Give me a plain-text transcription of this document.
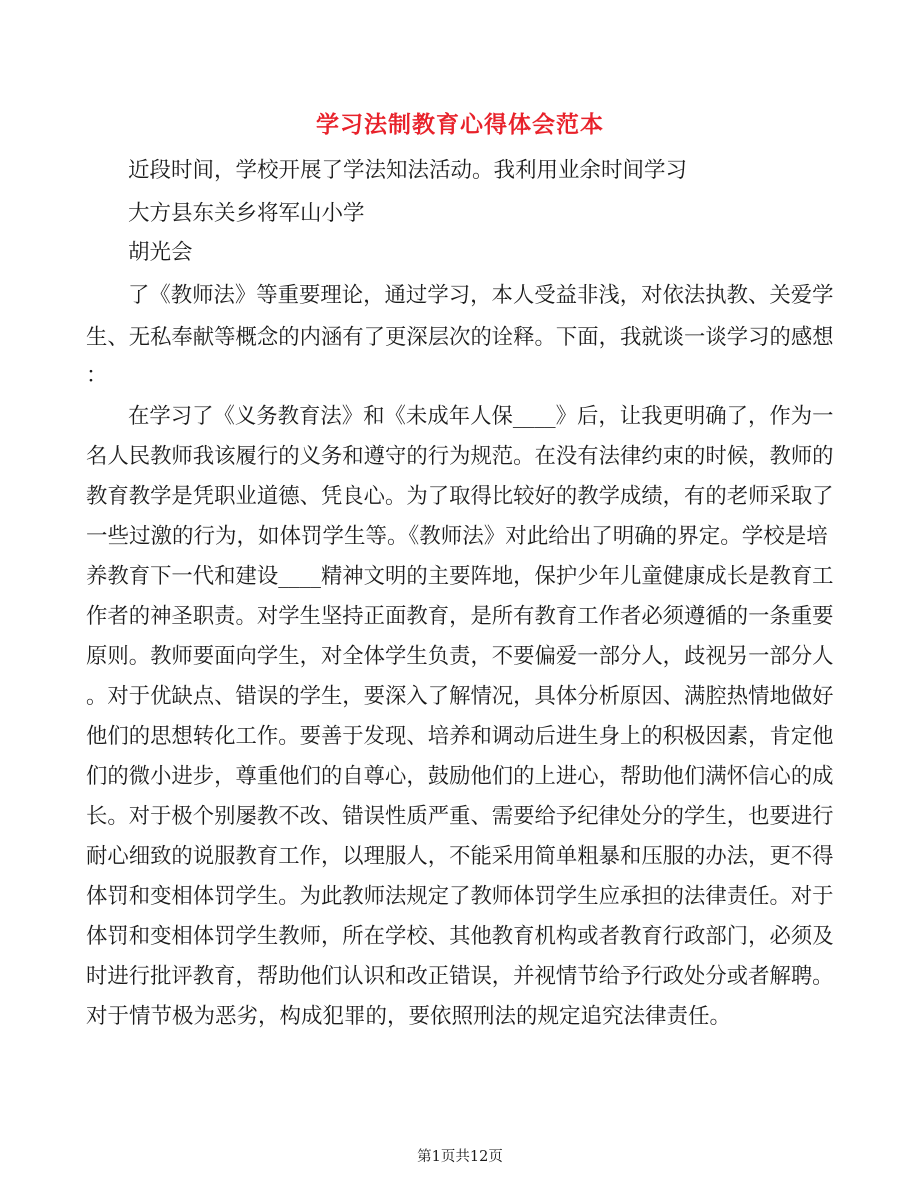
学习法制教育心得体会范本
近段时间，学校开展了学法知法活动。我利用业余时间学习
大方县东关乡将军山小学
胡光会
了《教师法》等重要理论，通过学习，本人受益非浅，对依法执教、关爱学
生、无私奉献等概念的内涵有了更深层次的诠释。下面，我就谈一谈学习的感想
：
在学习了《义务教育法》和《未成年人保____》后，让我更明确了，作为一
名人民教师我该履行的义务和遵守的行为规范。在没有法律约束的时候，教师的
教育教学是凭职业道德、凭良心。为了取得比较好的教学成绩，有的老师采取了
一些过激的行为，如体罚学生等。《教师法》对此给出了明确的界定。学校是培
养教育下一代和建设____精神文明的主要阵地，保护少年儿童健康成长是教育工
作者的神圣职责。对学生坚持正面教育，是所有教育工作者必须遵循的一条重要
原则。教师要面向学生，对全体学生负责，不要偏爱一部分人，歧视另一部分人
。对于优缺点、错误的学生，要深入了解情况，具体分析原因、满腔热情地做好
他们的思想转化工作。要善于发现、培养和调动后进生身上的积极因素，肯定他
们的微小进步，尊重他们的自尊心，鼓励他们的上进心，帮助他们满怀信心的成
长。对于极个别屡教不改、错误性质严重、需要给予纪律处分的学生，也要进行
耐心细致的说服教育工作，以理服人，不能采用简单粗暴和压服的办法，更不得
体罚和变相体罚学生。为此教师法规定了教师体罚学生应承担的法律责任。对于
体罚和变相体罚学生教师，所在学校、其他教育机构或者教育行政部门，必须及
时进行批评教育，帮助他们认识和改正错误，并视情节给予行政处分或者解聘。
对于情节极为恶劣，构成犯罪的，要依照刑法的规定追究法律责任。
第1页共12页
